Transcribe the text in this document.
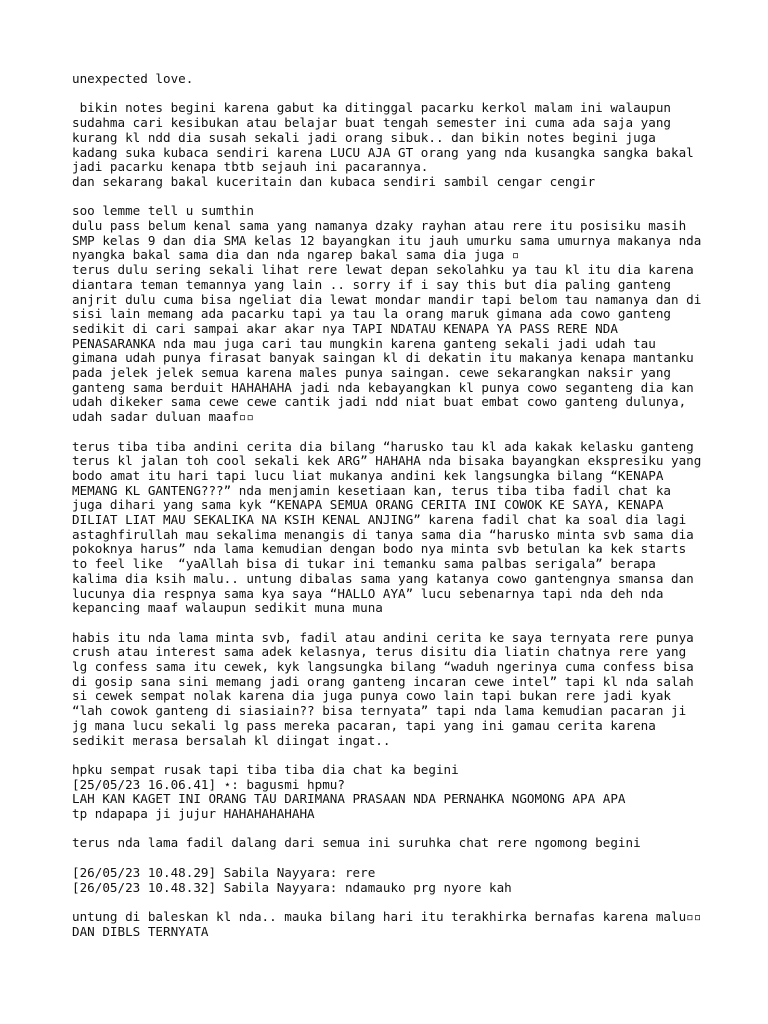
unexpected love.
bikin notes begini karena gabut ka ditinggal pacarku kerkol malam ini walaupun
sudahma cari kesibukan atau belajar buat tengah semester ini cuma ada saja yang
kurang kl ndd dia susah sekali jadi orang sibuk.. dan bikin notes begini juga
kadang suka kubaca sendiri karena LUCU AJA GT orang yang nda kusangka sangka bakal
jadi pacarku kenapa tbtb sejauh ini pacarannya.
dan sekarang bakal kuceritain dan kubaca sendiri sambil cengar cengir
soo lemme tell u sumthin
dulu pass belum kenal sama yang namanya dzaky rayhan atau rere itu posisiku masih
SMP kelas 9 dan dia SMA kelas 12 bayangkan itu jauh umurku sama umurnya makanya nda
nyangka bakal sama dia dan nda ngarep bakal sama dia juga ▫
terus dulu sering sekali lihat rere lewat depan sekolahku ya tau kl itu dia karena
diantara teman temannya yang lain .. sorry if i say this but dia paling ganteng
anjrit dulu cuma bisa ngeliat dia lewat mondar mandir tapi belom tau namanya dan di
sisi lain memang ada pacarku tapi ya tau la orang maruk gimana ada cowo ganteng
sedikit di cari sampai akar akar nya TAPI NDATAU KENAPA YA PASS RERE NDA
PENASARANKA nda mau juga cari tau mungkin karena ganteng sekali jadi udah tau
gimana udah punya firasat banyak saingan kl di dekatin itu makanya kenapa mantanku
pada jelek jelek semua karena males punya saingan. cewe sekarangkan naksir yang
ganteng sama berduit HAHAHAHA jadi nda kebayangkan kl punya cowo seganteng dia kan
udah dikeker sama cewe cewe cantik jadi ndd niat buat embat cowo ganteng dulunya,
udah sadar duluan maaf▫▫
terus tiba tiba andini cerita dia bilang “harusko tau kl ada kakak kelasku ganteng
terus kl jalan toh cool sekali kek ARG” HAHAHA nda bisaka bayangkan ekspresiku yang
bodo amat itu hari tapi lucu liat mukanya andini kek langsungka bilang “KENAPA
MEMANG KL GANTENG???” nda menjamin kesetiaan kan, terus tiba tiba fadil chat ka
juga dihari yang sama kyk “KENAPA SEMUA ORANG CERITA INI COWOK KE SAYA, KENAPA
DILIAT LIAT MAU SEKALIKA NA KSIH KENAL ANJING” karena fadil chat ka soal dia lagi
astaghfirullah mau sekalima menangis di tanya sama dia “harusko minta svb sama dia
pokoknya harus” nda lama kemudian dengan bodo nya minta svb betulan ka kek starts
to feel like  “yaAllah bisa di tukar ini temanku sama palbas serigala” berapa
kalima dia ksih malu.. untung dibalas sama yang katanya cowo gantengnya smansa dan
lucunya dia respnya sama kya saya “HALLO AYA” lucu sebenarnya tapi nda deh nda
kepancing maaf walaupun sedikit muna muna
habis itu nda lama minta svb, fadil atau andini cerita ke saya ternyata rere punya
crush atau interest sama adek kelasnya, terus disitu dia liatin chatnya rere yang
lg confess sama itu cewek, kyk langsungka bilang “waduh ngerinya cuma confess bisa
di gosip sana sini memang jadi orang ganteng incaran cewe intel” tapi kl nda salah
si cewek sempat nolak karena dia juga punya cowo lain tapi bukan rere jadi kyak
“lah cowok ganteng di siasiain?? bisa ternyata” tapi nda lama kemudian pacaran ji
jg mana lucu sekali lg pass mereka pacaran, tapi yang ini gamau cerita karena
sedikit merasa bersalah kl diingat ingat..
hpku sempat rusak tapi tiba tiba dia chat ka begini
[25/05/23 16.06.41] ⋆: bagusmi hpmu?
LAH KAN KAGET INI ORANG TAU DARIMANA PRASAAN NDA PERNAHKA NGOMONG APA APA
tp ndapapa ji jujur HAHAHAHAHAHA
terus nda lama fadil dalang dari semua ini suruhka chat rere ngomong begini
[26/05/23 10.48.29] Sabila Nayyara: rere
[26/05/23 10.48.32] Sabila Nayyara: ndamauko prg nyore kah
untung di baleskan kl nda.. mauka bilang hari itu terakhirka bernafas karena malu▫▫
DAN DIBLS TERNYATA
